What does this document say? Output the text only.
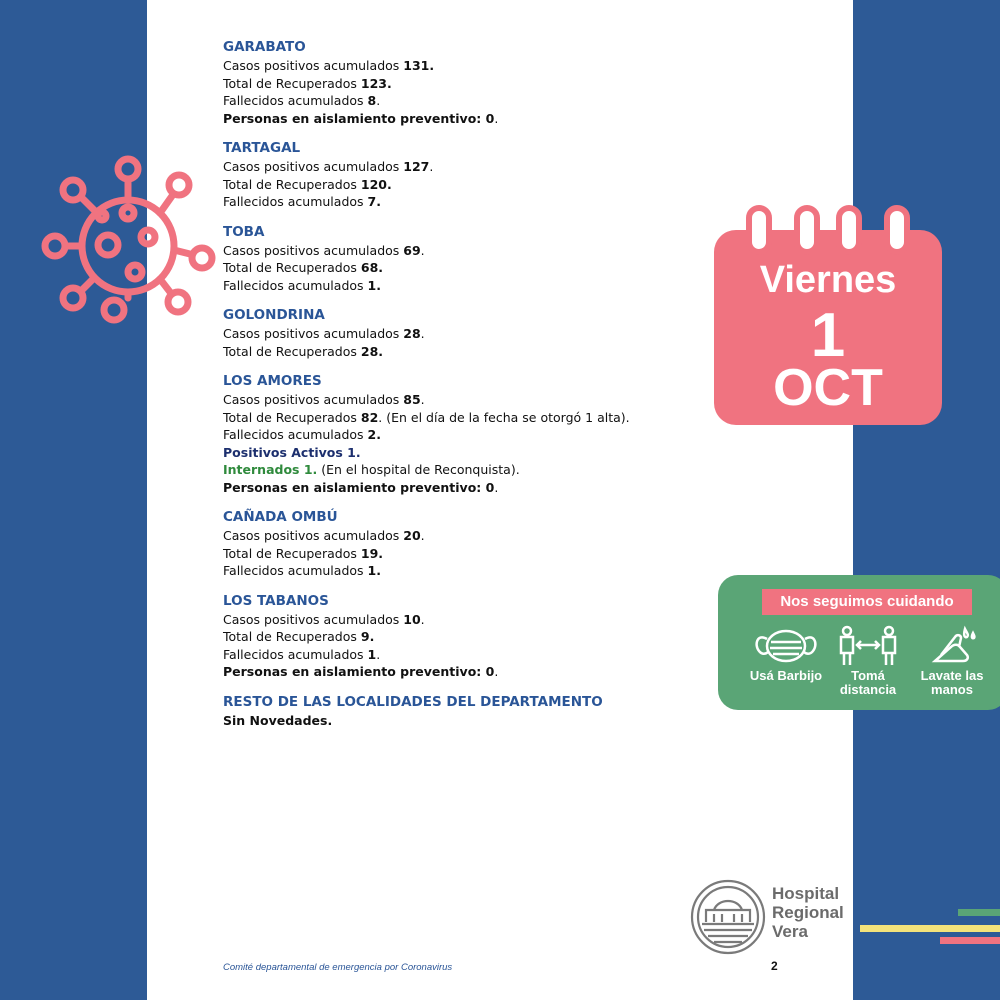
GARABATO
Casos positivos acumulados 131.
Total de Recuperados 123.
Fallecidos acumulados 8.
Personas en aislamiento preventivo: 0.
TARTAGAL
Casos positivos acumulados 127.
Total de Recuperados 120.
Fallecidos acumulados 7.
TOBA
Casos positivos acumulados 69.
Total de Recuperados 68.
Fallecidos acumulados 1.
GOLONDRINA
Casos positivos acumulados 28.
Total de Recuperados 28.
LOS AMORES
Casos positivos acumulados 85.
Total de Recuperados 82. (En el día de la fecha se otorgó 1 alta).
Fallecidos acumulados 2.
Positivos Activos 1.
Internados 1. (En el hospital de Reconquista).
Personas en aislamiento preventivo: 0.
CAÑADA OMBÚ
Casos positivos acumulados 20.
Total de Recuperados 19.
Fallecidos acumulados 1.
LOS TABANOS
Casos positivos acumulados 10.
Total de Recuperados 9.
Fallecidos acumulados 1.
Personas en aislamiento preventivo: 0.
RESTO DE LAS LOCALIDADES DEL DEPARTAMENTO
Sin Novedades.
Viernes
1
OCT
Nos seguimos cuidando
Usá Barbijo	Tomá distancia
Lavate las manos
Hospital
Regional
Vera
Comité departamental de emergencia por Coronavirus	2
